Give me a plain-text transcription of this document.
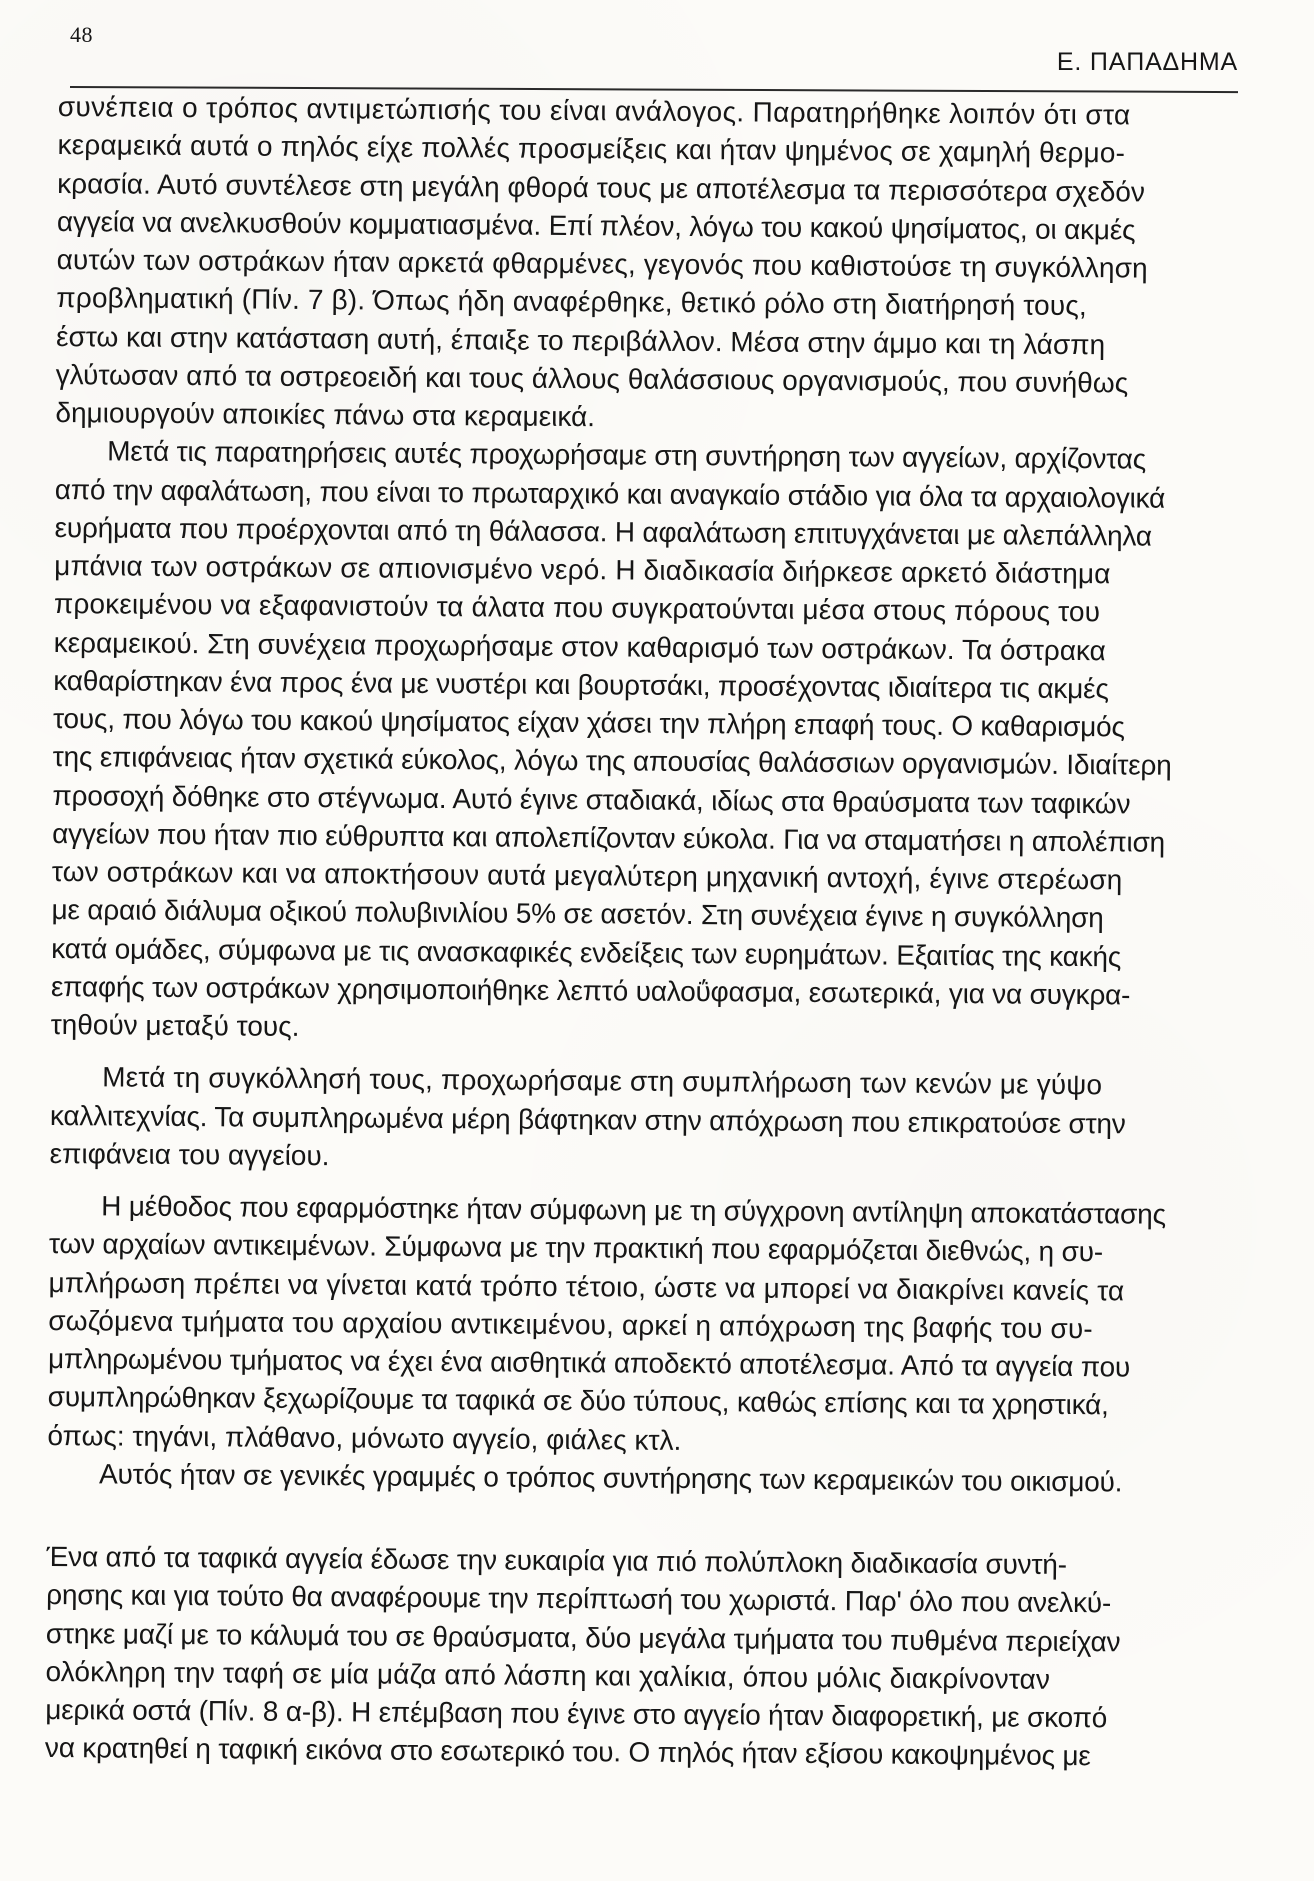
48
Ε. ΠΑΠΑΔΗΜΑ
συνέπεια ο τρόπος αντιμετώπισής του είναι ανάλογος. Παρατηρήθηκε λοιπόν ότι στα
κεραμεικά αυτά ο πηλός είχε πολλές προσμείξεις και ήταν ψημένος σε χαμηλή θερμο-
κρασία. Αυτό συντέλεσε στη μεγάλη φθορά τους με αποτέλεσμα τα περισσότερα σχεδόν
αγγεία να ανελκυσθούν κομματιασμένα. Επί πλέον, λόγω του κακού ψησίματος, οι ακμές
αυτών των οστράκων ήταν αρκετά φθαρμένες, γεγονός που καθιστούσε τη συγκόλληση
προβληματική (Πίν. 7 β). Όπως ήδη αναφέρθηκε, θετικό ρόλο στη διατήρησή τους,
έστω και στην κατάσταση αυτή, έπαιξε το περιβάλλον. Μέσα στην άμμο και τη λάσπη
γλύτωσαν από τα οστρεοειδή και τους άλλους θαλάσσιους οργανισμούς, που συνήθως
δημιουργούν αποικίες πάνω στα κεραμεικά.
Μετά τις παρατηρήσεις αυτές προχωρήσαμε στη συντήρηση των αγγείων, αρχίζοντας
από την αφαλάτωση, που είναι το πρωταρχικό και αναγκαίο στάδιο για όλα τα αρχαιολογικά
ευρήματα που προέρχονται από τη θάλασσα. Η αφαλάτωση επιτυγχάνεται με αλεπάλληλα
μπάνια των οστράκων σε απιονισμένο νερό. Η διαδικασία διήρκεσε αρκετό διάστημα
προκειμένου να εξαφανιστούν τα άλατα που συγκρατούνται μέσα στους πόρους του
κεραμεικού. Στη συνέχεια προχωρήσαμε στον καθαρισμό των οστράκων. Τα όστρακα
καθαρίστηκαν ένα προς ένα με νυστέρι και βουρτσάκι, προσέχοντας ιδιαίτερα τις ακμές
τους, που λόγω του κακού ψησίματος είχαν χάσει την πλήρη επαφή τους. Ο καθαρισμός
της επιφάνειας ήταν σχετικά εύκολος, λόγω της απουσίας θαλάσσιων οργανισμών. Ιδιαίτερη
προσοχή δόθηκε στο στέγνωμα. Αυτό έγινε σταδιακά, ιδίως στα θραύσματα των ταφικών
αγγείων που ήταν πιο εύθρυπτα και απολεπίζονταν εύκολα. Για να σταματήσει η απολέπιση
των οστράκων και να αποκτήσουν αυτά μεγαλύτερη μηχανική αντοχή, έγινε στερέωση
με αραιό διάλυμα οξικού πολυβινιλίου 5% σε ασετόν. Στη συνέχεια έγινε η συγκόλληση
κατά ομάδες, σύμφωνα με τις ανασκαφικές ενδείξεις των ευρημάτων. Εξαιτίας της κακής
επαφής των οστράκων χρησιμοποιήθηκε λεπτό υαλοΰφασμα, εσωτερικά, για να συγκρα-
τηθούν μεταξύ τους.
Μετά τη συγκόλλησή τους, προχωρήσαμε στη συμπλήρωση των κενών με γύψο
καλλιτεχνίας. Τα συμπληρωμένα μέρη βάφτηκαν στην απόχρωση που επικρατούσε στην
επιφάνεια του αγγείου.
Η μέθοδος που εφαρμόστηκε ήταν σύμφωνη με τη σύγχρονη αντίληψη αποκατάστασης
των αρχαίων αντικειμένων. Σύμφωνα με την πρακτική που εφαρμόζεται διεθνώς, η συ-
μπλήρωση πρέπει να γίνεται κατά τρόπο τέτοιο, ώστε να μπορεί να διακρίνει κανείς τα
σωζόμενα τμήματα του αρχαίου αντικειμένου, αρκεί η απόχρωση της βαφής του συ-
μπληρωμένου τμήματος να έχει ένα αισθητικά αποδεκτό αποτέλεσμα. Από τα αγγεία που
συμπληρώθηκαν ξεχωρίζουμε τα ταφικά σε δύο τύπους, καθώς επίσης και τα χρηστικά,
όπως: τηγάνι, πλάθανο, μόνωτο αγγείο, φιάλες κτλ.
Αυτός ήταν σε γενικές γραμμές ο τρόπος συντήρησης των κεραμεικών του οικισμού.
Ένα από τα ταφικά αγγεία έδωσε την ευκαιρία για πιό πολύπλοκη διαδικασία συντή-
ρησης και για τούτο θα αναφέρουμε την περίπτωσή του χωριστά. Παρ' όλο που ανελκύ-
στηκε μαζί με το κάλυμά του σε θραύσματα, δύο μεγάλα τμήματα του πυθμένα περιείχαν
ολόκληρη την ταφή σε μία μάζα από λάσπη και χαλίκια, όπου μόλις διακρίνονταν
μερικά οστά (Πίν. 8 α-β). Η επέμβαση που έγινε στο αγγείο ήταν διαφορετική, με σκοπό
να κρατηθεί η ταφική εικόνα στο εσωτερικό του. Ο πηλός ήταν εξίσου κακοψημένος με
